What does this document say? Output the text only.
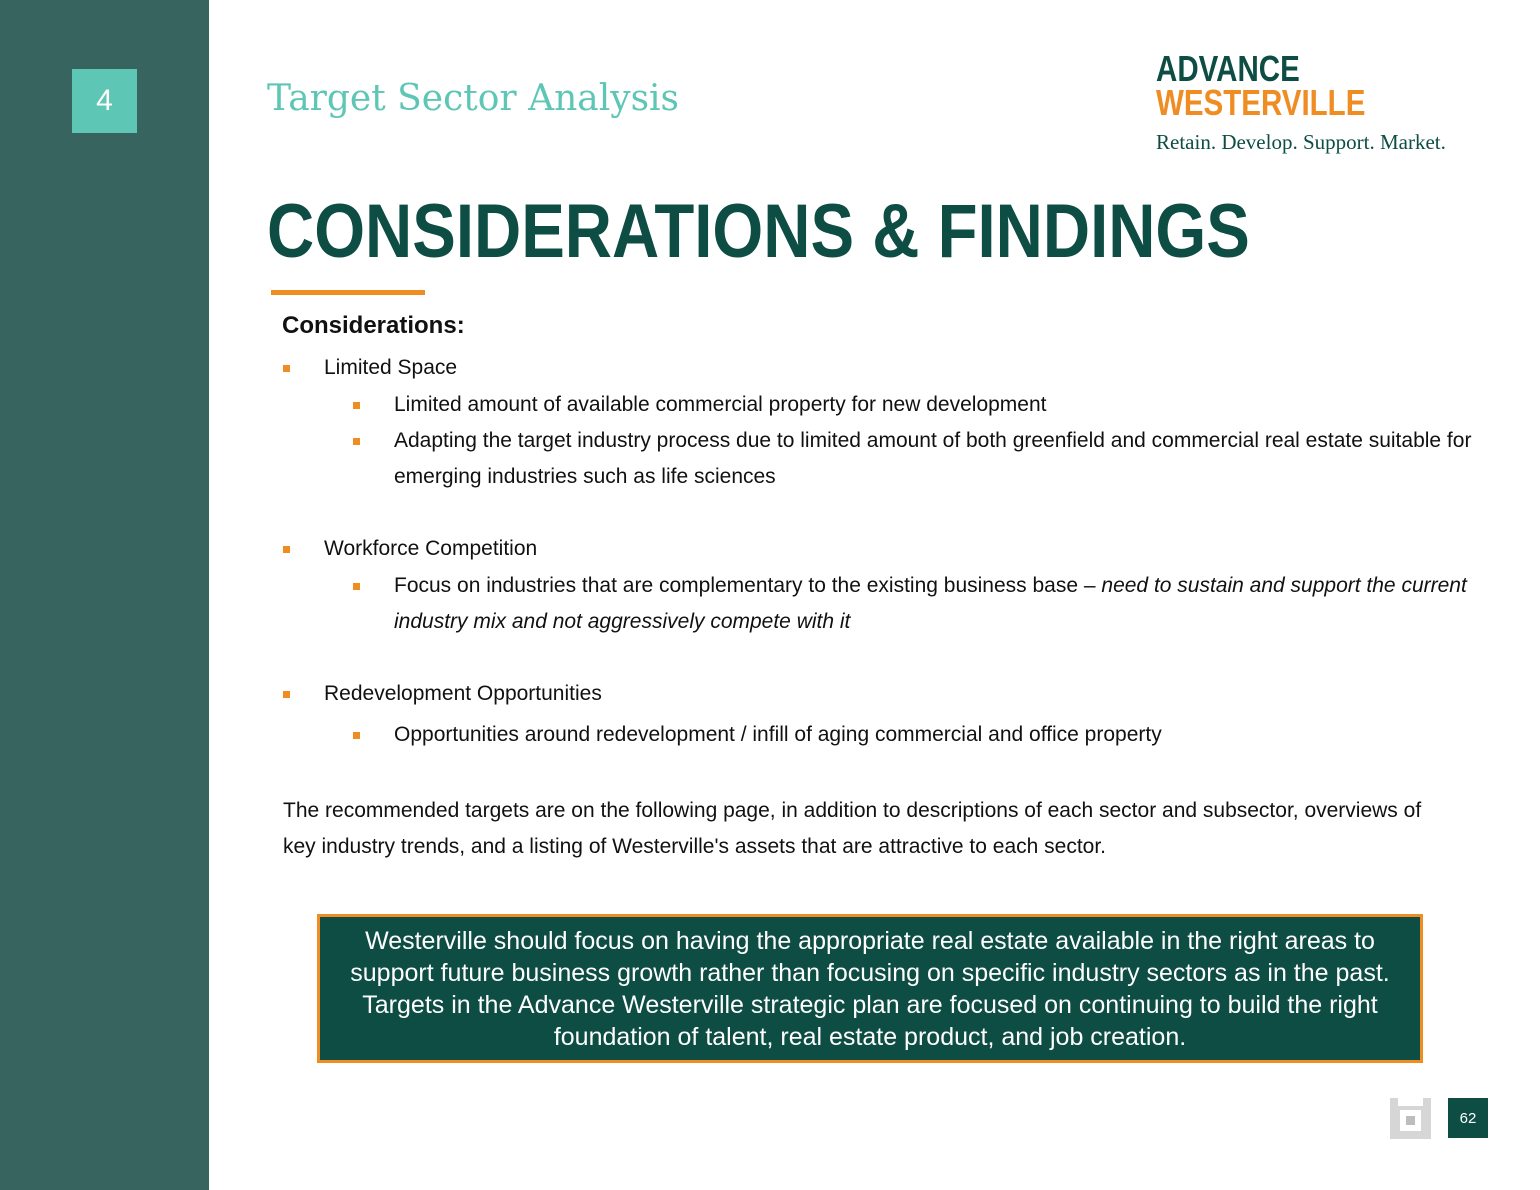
4	Target Sector Analysis
ADVANCE
WESTERVILLE
Retain. Develop. Support. Market.
CONSIDERATIONS & FINDINGS
Considerations:
Limited Space
Limited amount of available commercial property for new development
Adapting the target industry process due to limited amount of both greenfield and commercial real estate suitable for emerging industries such as life sciences
Workforce Competition
Focus on industries that are complementary to the existing business base – need to sustain and support the current industry mix and not aggressively compete with it
Redevelopment Opportunities
Opportunities around redevelopment / infill of aging commercial and office property
The recommended targets are on the following page, in addition to descriptions of each sector and subsector, overviews of key industry trends, and a listing of Westerville's assets that are attractive to each sector.
Westerville should focus on having the appropriate real estate available in the right areas to support future business growth rather than focusing on specific industry sectors as in the past. Targets in the Advance Westerville strategic plan are focused on continuing to build the right foundation of talent, real estate product, and job creation.
62
